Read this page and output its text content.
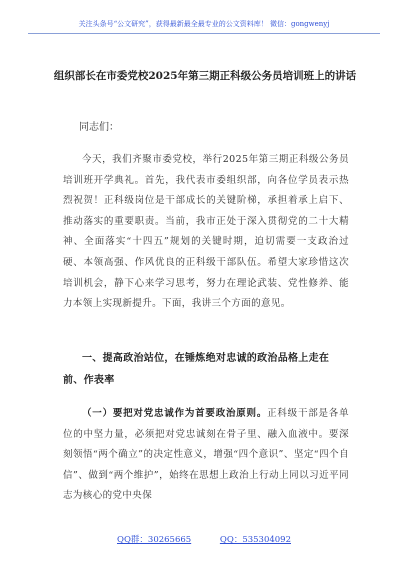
关注头条号“公文研究”，获得最新最全最专业的公文资料库！ 微信：gongwenyj
组织部长在市委党校2025年第三期正科级公务员培训班上的讲话
同志们：
今天，我们齐聚市委党校，举行2025年第三期正科级公务员培训班开学典礼。首先，我代表市委组织部，向各位学员表示热烈祝贺！正科级岗位是干部成长的关键阶梯，承担着承上启下、推动落实的重要职责。当前，我市正处于深入贯彻党的二十大精神、全面落实“十四五”规划的关键时期，迫切需要一支政治过硬、本领高强、作风优良的正科级干部队伍。希望大家珍惜这次培训机会，静下心来学习思考，努力在理论武装、党性修养、能力本领上实现新提升。下面，我讲三个方面的意见。
一、提高政治站位，在锤炼绝对忠诚的政治品格上走在前、作表率
（一）要把对党忠诚作为首要政治原则。正科级干部是各单位的中坚力量，必须把对党忠诚刻在骨子里、融入血液中。要深刻领悟“两个确立”的决定性意义，增强“四个意识”、坚定“四个自信”、做到“两个维护”，始终在思想上政治上行动上同以习近平同志为核心的党中央保
QQ群：30265665	QQ：535304092
